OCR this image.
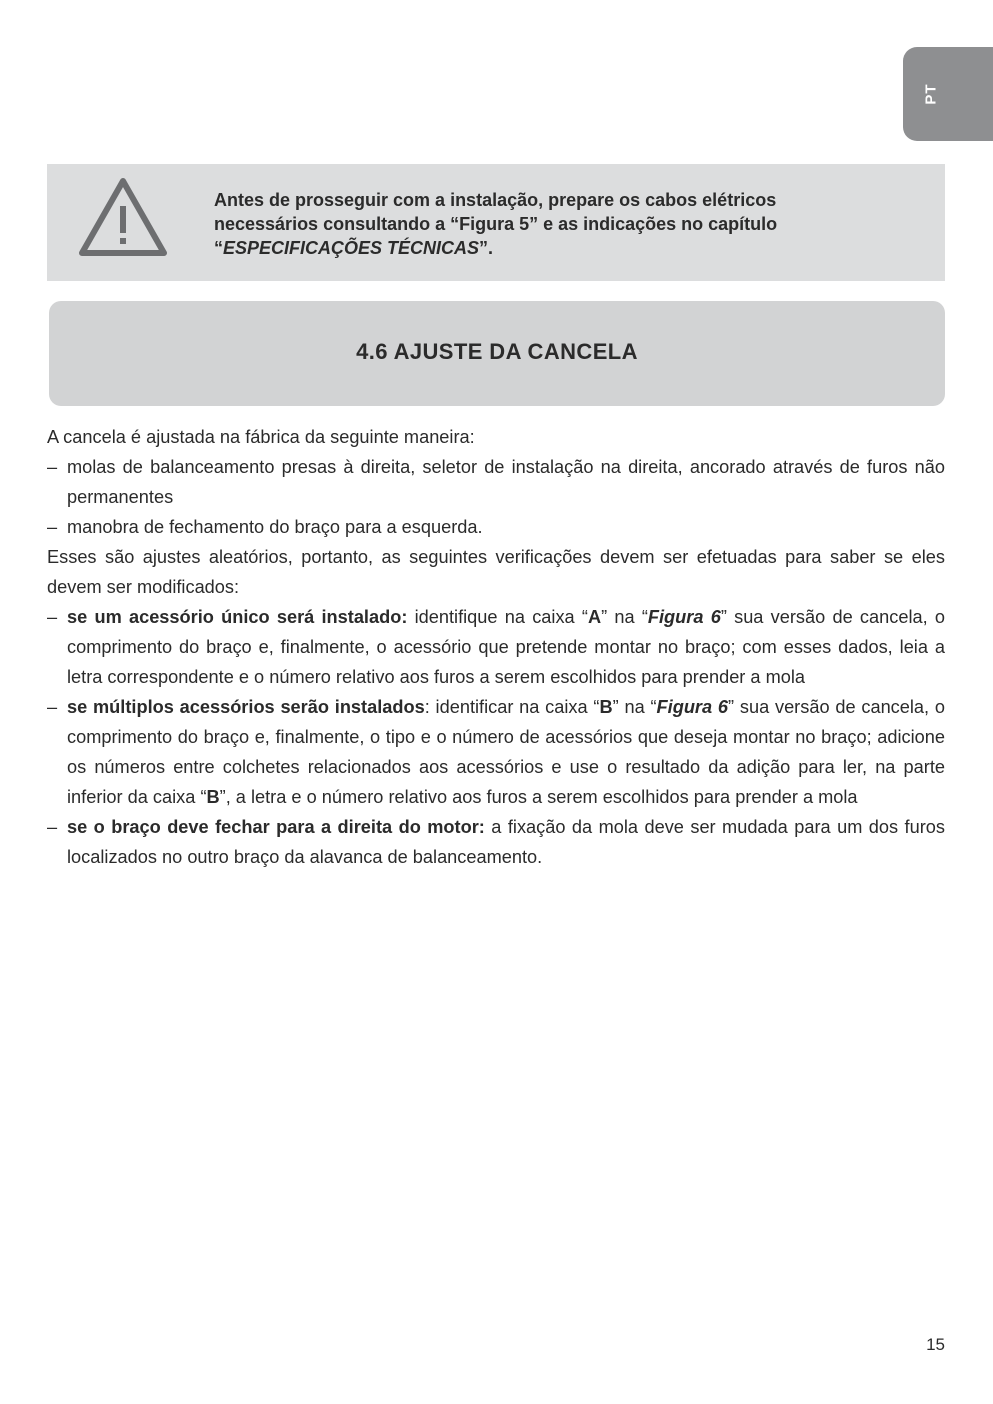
PT
Antes de prosseguir com a instalação, prepare os cabos elétricos
necessários consultando a “Figura 5” e as indicações no capítulo
“ESPECIFICAÇÕES TÉCNICAS”.
4.6 AJUSTE DA CANCELA

A cancela é ajustada na fábrica da seguinte maneira:

– molas de balanceamento presas à direita, seletor de instalação na direita, ancorado através de furos não permanentes
– manobra de fechamento do braço para a esquerda.

Esses são ajustes aleatórios, portanto, as seguintes verificações devem ser efetuadas para saber se eles devem ser modificados:

– se um acessório único será instalado: identifique na caixa “A” na “Figura 6” sua versão de cancela, o comprimento do braço e, finalmente, o acessório que pretende montar no braço; com esses dados, leia a letra correspondente e o número relativo aos furos a serem escolhidos para prender a mola
– se múltiplos acessórios serão instalados: identificar na caixa “B” na “Figura 6” sua versão de cancela, o comprimento do braço e, finalmente, o tipo e o número de acessórios que deseja montar no braço; adicione os números entre colchetes relacionados aos acessórios e use o resultado da adição para ler, na parte inferior da caixa “B”, a letra e o número relativo aos furos a serem escolhidos para prender a mola
– se o braço deve fechar para a direita do motor: a fixação da mola deve ser mudada para um dos furos localizados no outro braço da alavanca de balanceamento.
15
